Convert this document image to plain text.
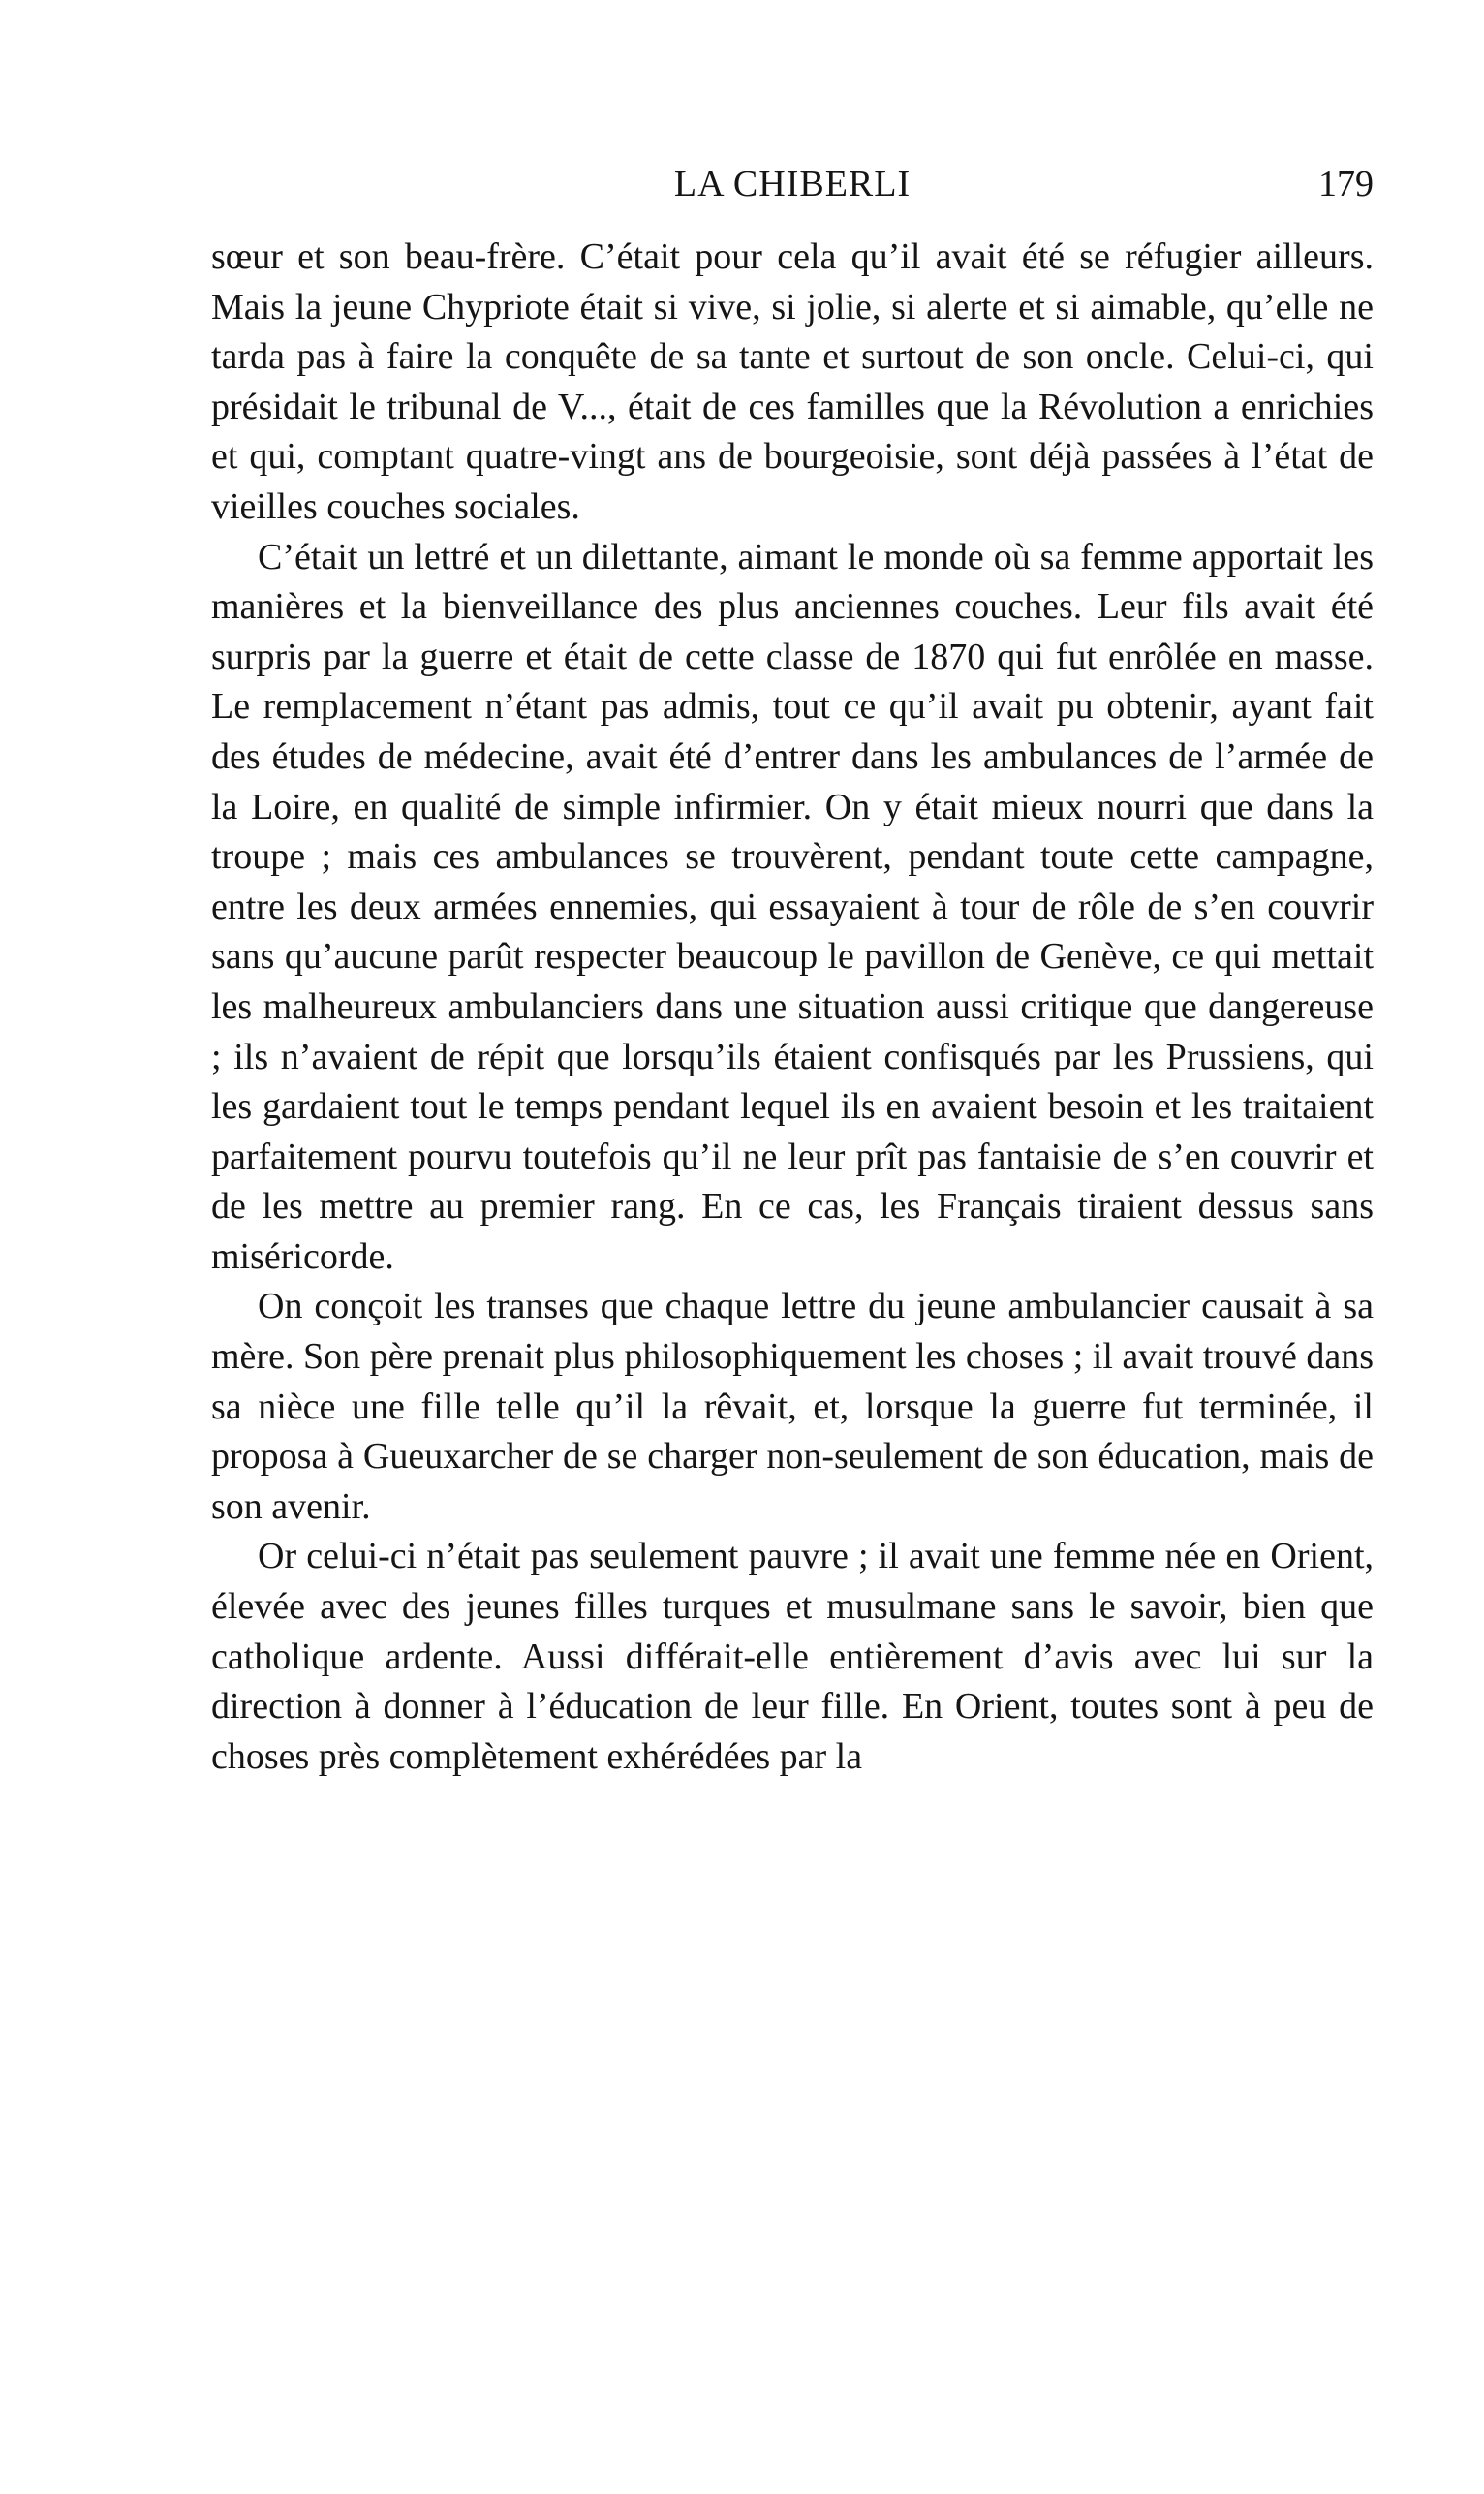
LA CHIBERLI	179

sœur et son beau-frère. C’était pour cela qu’il avait été se réfugier ailleurs. Mais la jeune Chypriote était si vive, si jolie, si alerte et si aimable, qu’elle ne tarda pas à faire la conquête de sa tante et surtout de son oncle. Celui-ci, qui présidait le tribunal de V..., était de ces familles que la Révolution a enrichies et qui, comptant quatre-vingt ans de bourgeoisie, sont déjà passées à l’état de vieilles couches sociales.

C’était un lettré et un dilettante, aimant le monde où sa femme apportait les manières et la bienveillance des plus anciennes couches. Leur fils avait été surpris par la guerre et était de cette classe de 1870 qui fut enrôlée en masse. Le remplacement n’étant pas admis, tout ce qu’il avait pu obtenir, ayant fait des études de médecine, avait été d’entrer dans les ambulances de l’armée de la Loire, en qualité de simple infirmier. On y était mieux nourri que dans la troupe ; mais ces ambulances se trouvèrent, pendant toute cette campagne, entre les deux armées ennemies, qui essayaient à tour de rôle de s’en couvrir sans qu’aucune parût respecter beaucoup le pavillon de Genève, ce qui mettait les malheureux ambulanciers dans une situation aussi critique que dangereuse ; ils n’avaient de répit que lorsqu’ils étaient confisqués par les Prussiens, qui les gardaient tout le temps pendant lequel ils en avaient besoin et les traitaient parfaitement pourvu toutefois qu’il ne leur prît pas fantaisie de s’en couvrir et de les mettre au premier rang. En ce cas, les Français tiraient dessus sans miséricorde.

On conçoit les transes que chaque lettre du jeune ambulancier causait à sa mère. Son père prenait plus philosophiquement les choses ; il avait trouvé dans sa nièce une fille telle qu’il la rêvait, et, lorsque la guerre fut terminée, il proposa à Gueuxarcher de se charger non-seulement de son éducation, mais de son avenir.

Or celui-ci n’était pas seulement pauvre ; il avait une femme née en Orient, élevée avec des jeunes filles turques et musulmane sans le savoir, bien que catholique ardente. Aussi différait-elle entièrement d’avis avec lui sur la direction à donner à l’éducation de leur fille. En Orient, toutes sont à peu de choses près complètement exhérédées par la
